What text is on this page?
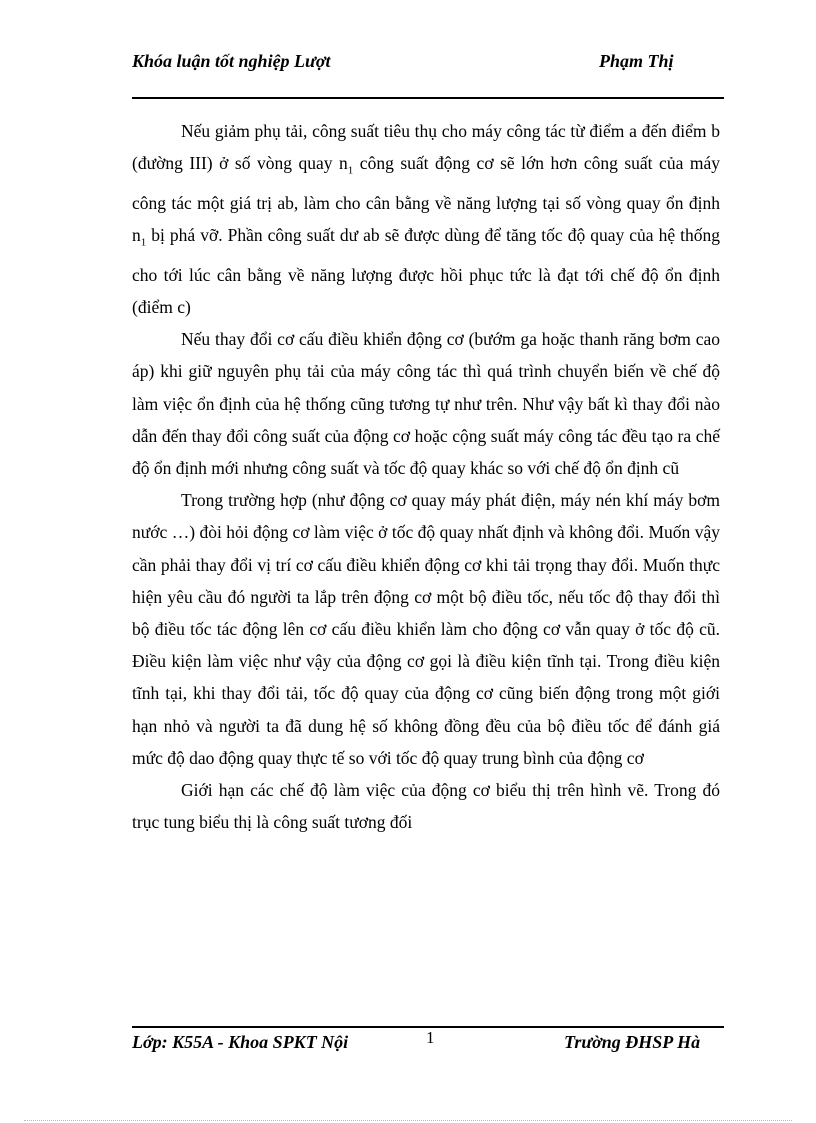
Khóa luận tốt nghiệp Lượt	Phạm Thị

Nếu giảm phụ tải, công suất tiêu thụ cho máy công tác từ điểm a đến điểm b (đường III) ở số vòng quay $n_1$ công suất động cơ sẽ lớn hơn công suất của máy công tác một giá trị ab, làm cho cân bằng về năng lượng tại số vòng quay ổn định $n_1$ bị phá vỡ. Phần công suất dư ab sẽ được dùng để tăng tốc độ quay của hệ thống cho tới lúc cân bằng về năng lượng được hồi phục tức là đạt tới chế độ ổn định (điểm c)

Nếu thay đổi cơ cấu điều khiển động cơ (bướm ga hoặc thanh răng bơm cao áp) khi giữ nguyên phụ tải của máy công tác thì quá trình chuyển biến về chế độ làm việc ổn định của hệ thống cũng tương tự như trên. Như vậy bất kì thay đổi nào dẫn đến thay đổi công suất của động cơ hoặc cộng suất máy công tác đều tạo ra chế độ ổn định mới nhưng công suất và tốc độ quay khác so với chế độ ổn định cũ

Trong trường hợp (như động cơ quay máy phát điện, máy nén khí máy bơm nước …) đòi hỏi động cơ làm việc ở tốc độ quay nhất định và không đổi. Muốn vậy cần phải thay đổi vị trí cơ cấu điều khiển động cơ khi tải trọng thay đổi. Muốn thực hiện yêu cầu đó người ta lắp trên động cơ một bộ điều tốc, nếu tốc độ thay đổi thì bộ điều tốc tác động lên cơ cấu điều khiển làm cho động cơ vẫn quay ở tốc độ cũ. Điều kiện làm việc như vậy của động cơ gọi là điều kiện tĩnh tại. Trong điều kiện tĩnh tại, khi thay đổi tải, tốc độ quay của động cơ cũng biến động trong một giới hạn nhỏ và người ta đã dung hệ số không đồng đều của bộ điều tốc để đánh giá mức độ dao động quay thực tế so với tốc độ quay trung bình của động cơ

Giới hạn các chế độ làm việc của động cơ biểu thị trên hình vẽ. Trong đó trục tung biểu thị là công suất tương đối

Lớp: K55A - Khoa SPKT Nội	1	Trường ĐHSP Hà
